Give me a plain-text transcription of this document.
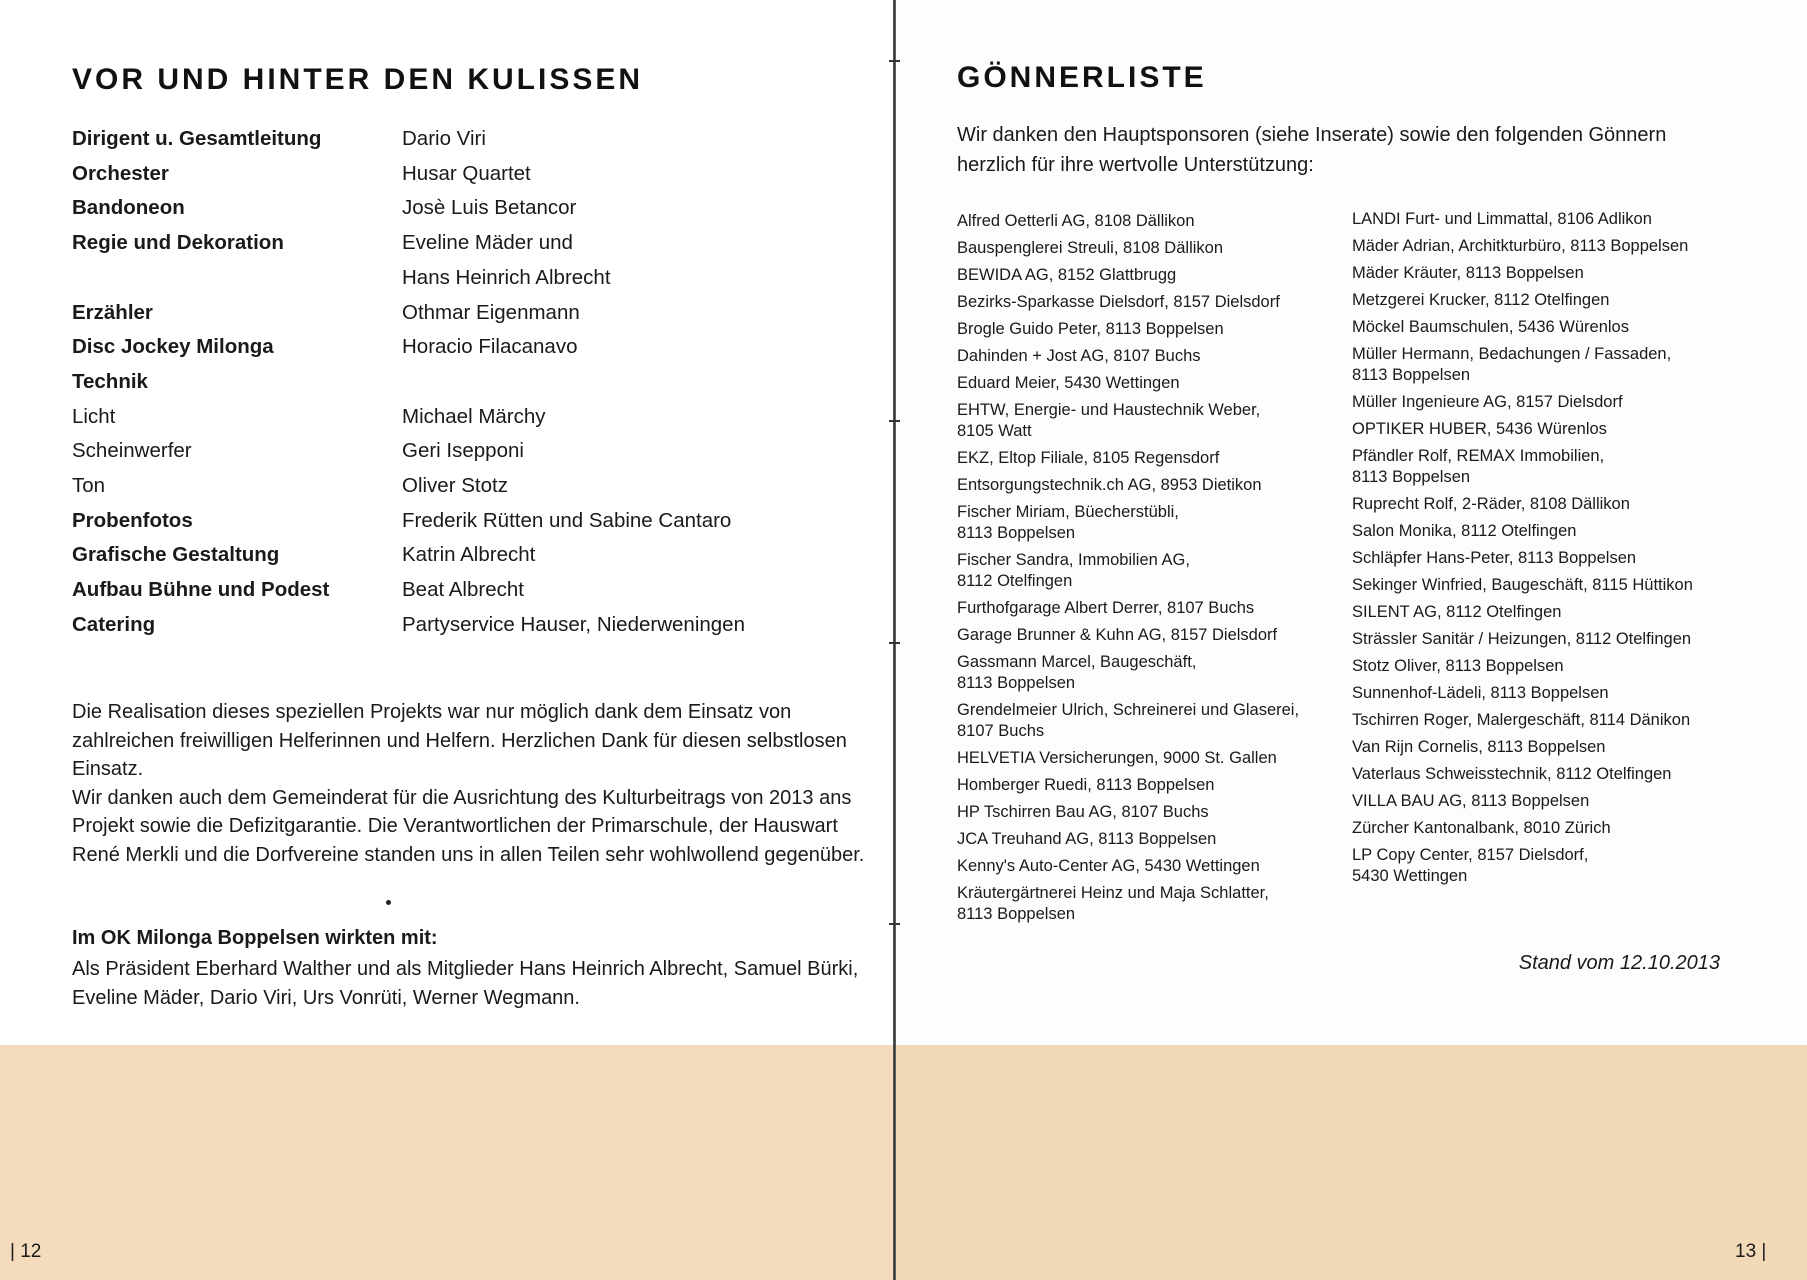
VOR UND HINTER DEN KULISSEN
Dirigent u. Gesamtleitung	Dario Viri
Orchester	Husar Quartet
Bandoneon	Josè Luis Betancor
Regie und Dekoration	Eveline Mäder und
Hans Heinrich Albrecht
Erzähler	Othmar Eigenmann
Disc Jockey Milonga	Horacio Filacanavo
Technik
Licht	Michael Märchy
Scheinwerfer	Geri Isepponi
Ton	Oliver Stotz
Probenfotos	Frederik Rütten und Sabine Cantaro
Grafische Gestaltung	Katrin Albrecht
Aufbau Bühne und Podest	Beat Albrecht
Catering	Partyservice Hauser, Niederweningen

Die Realisation dieses speziellen Projekts war nur möglich dank dem Einsatz von zahlreichen freiwilligen Helferinnen und Helfern. Herzlichen Dank für diesen selbstlosen Einsatz.
Wir danken auch dem Gemeinderat für die Ausrichtung des Kulturbeitrags von 2013 ans Projekt sowie die Defizitgarantie. Die Verantwortlichen der Primarschule, der Hauswart René Merkli und die Dorfvereine standen uns in allen Teilen sehr wohlwollend gegenüber.

Im OK Milonga Boppelsen wirkten mit:

Als Präsident Eberhard Walther und als Mitglieder Hans Heinrich Albrecht, Samuel Bürki, Eveline Mäder, Dario Viri, Urs Vonrüti, Werner Wegmann.

| 12

GÖNNERLISTE

Wir danken den Hauptsponsoren (siehe Inserate) sowie den folgenden Gönnern herzlich für ihre wertvolle Unterstützung:

Alfred Oetterli AG, 8108 Dällikon
Bauspenglerei Streuli, 8108 Dällikon
BEWIDA AG, 8152 Glattbrugg
Bezirks-Sparkasse Dielsdorf, 8157 Dielsdorf
Brogle Guido Peter, 8113 Boppelsen
Dahinden + Jost AG, 8107 Buchs
Eduard Meier, 5430 Wettingen
EHTW, Energie- und Haustechnik Weber,
8105 Watt
EKZ, Eltop Filiale, 8105 Regensdorf
Entsorgungstechnik.ch AG, 8953 Dietikon
Fischer Miriam, Büecherstübli,
8113 Boppelsen
Fischer Sandra, Immobilien AG,
8112 Otelfingen
Furthofgarage Albert Derrer, 8107 Buchs
Garage Brunner & Kuhn AG, 8157 Dielsdorf
Gassmann Marcel, Baugeschäft,
8113 Boppelsen
Grendelmeier Ulrich, Schreinerei und Glaserei,
8107 Buchs
HELVETIA Versicherungen, 9000 St. Gallen
Homberger Ruedi, 8113 Boppelsen
HP Tschirren Bau AG, 8107 Buchs
JCA Treuhand AG, 8113 Boppelsen
Kenny's Auto-Center AG, 5430 Wettingen
Kräutergärtnerei Heinz und Maja Schlatter,
8113 Boppelsen
LANDI Furt- und Limmattal, 8106 Adlikon
Mäder Adrian, Architkturbüro, 8113 Boppelsen
Mäder Kräuter, 8113 Boppelsen
Metzgerei Krucker, 8112 Otelfingen
Möckel Baumschulen, 5436 Würenlos
Müller Hermann, Bedachungen / Fassaden,
8113 Boppelsen
Müller Ingenieure AG, 8157 Dielsdorf
OPTIKER HUBER, 5436 Würenlos
Pfändler Rolf, REMAX Immobilien,
8113 Boppelsen
Ruprecht Rolf, 2-Räder, 8108 Dällikon
Salon Monika, 8112 Otelfingen
Schläpfer Hans-Peter, 8113 Boppelsen
Sekinger Winfried, Baugeschäft, 8115 Hüttikon
SILENT AG, 8112 Otelfingen
Strässler Sanitär / Heizungen, 8112 Otelfingen
Stotz Oliver, 8113 Boppelsen
Sunnenhof-Lädeli, 8113 Boppelsen
Tschirren Roger, Malergeschäft, 8114 Dänikon
Van Rijn Cornelis, 8113 Boppelsen
Vaterlaus Schweisstechnik, 8112 Otelfingen
VILLA BAU AG, 8113 Boppelsen
Zürcher Kantonalbank, 8010 Zürich
LP Copy Center, 8157 Dielsdorf,
5430 Wettingen

Stand vom 12.10.2013

13 |
